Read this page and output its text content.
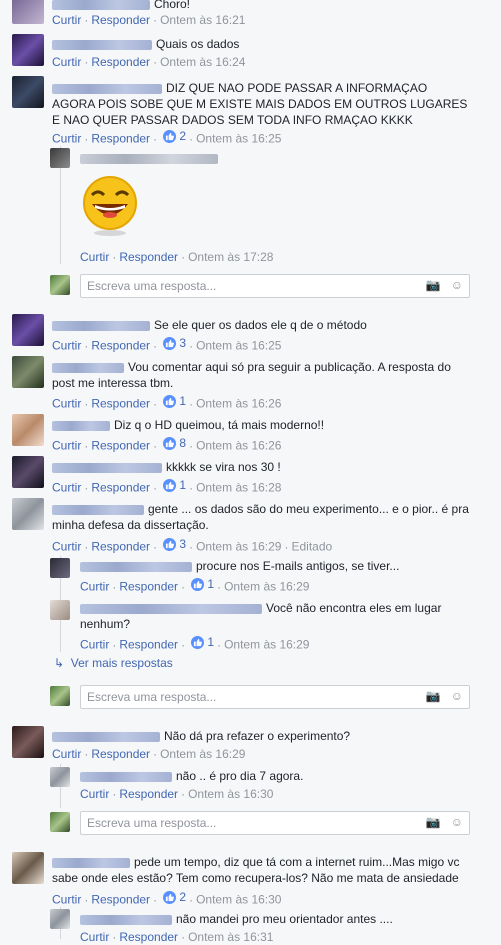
Choro!
Curtir · Responder · Ontem às 16:21
Quais os dados
Curtir · Responder · Ontem às 16:24
DIZ QUE NAO PODE PASSAR A INFORMAÇAO AGORA POIS SOBE QUE M EXISTE MAIS DADOS EM OUTROS LUGARES E NAO QUER PASSAR DADOS SEM TODA INFO RMAÇAO KKKK
Curtir · Responder · 2 · Ontem às 16:25
Curtir · Responder · Ontem às 17:28
Escreva uma resposta...	📷 ☺
Se ele quer os dados ele q de o método
Curtir · Responder · 3 · Ontem às 16:25
Vou comentar aqui só pra seguir a publicação. A resposta do post me interessa tbm.
Curtir · Responder · 1 · Ontem às 16:26
Diz q o HD queimou, tá mais moderno!!
Curtir · Responder · 8 · Ontem às 16:26
kkkkk se vira nos 30 !
Curtir · Responder · 1 · Ontem às 16:28
gente ... os dados são do meu experimento... e o pior.. é pra minha defesa da dissertação.
Curtir · Responder · 3 · Ontem às 16:29 · Editado
procure nos E-mails antigos, se tiver...
Curtir · Responder · 1 · Ontem às 16:29
Você não encontra eles em lugar nenhum?
Curtir · Responder · 1 · Ontem às 16:29
↳ Ver mais respostas
Escreva uma resposta...	📷 ☺
Não dá pra refazer o experimento?
Curtir · Responder · Ontem às 16:29
não .. é pro dia 7 agora.
Curtir · Responder · Ontem às 16:30
Escreva uma resposta...	📷 ☺
pede um tempo, diz que tá com a internet ruim...Mas migo vc sabe onde eles estão? Tem como recupera-los? Não me mata de ansiedade
Curtir · Responder · 2 · Ontem às 16:30
não mandei pro meu orientador antes ....
Curtir · Responder · Ontem às 16:31
